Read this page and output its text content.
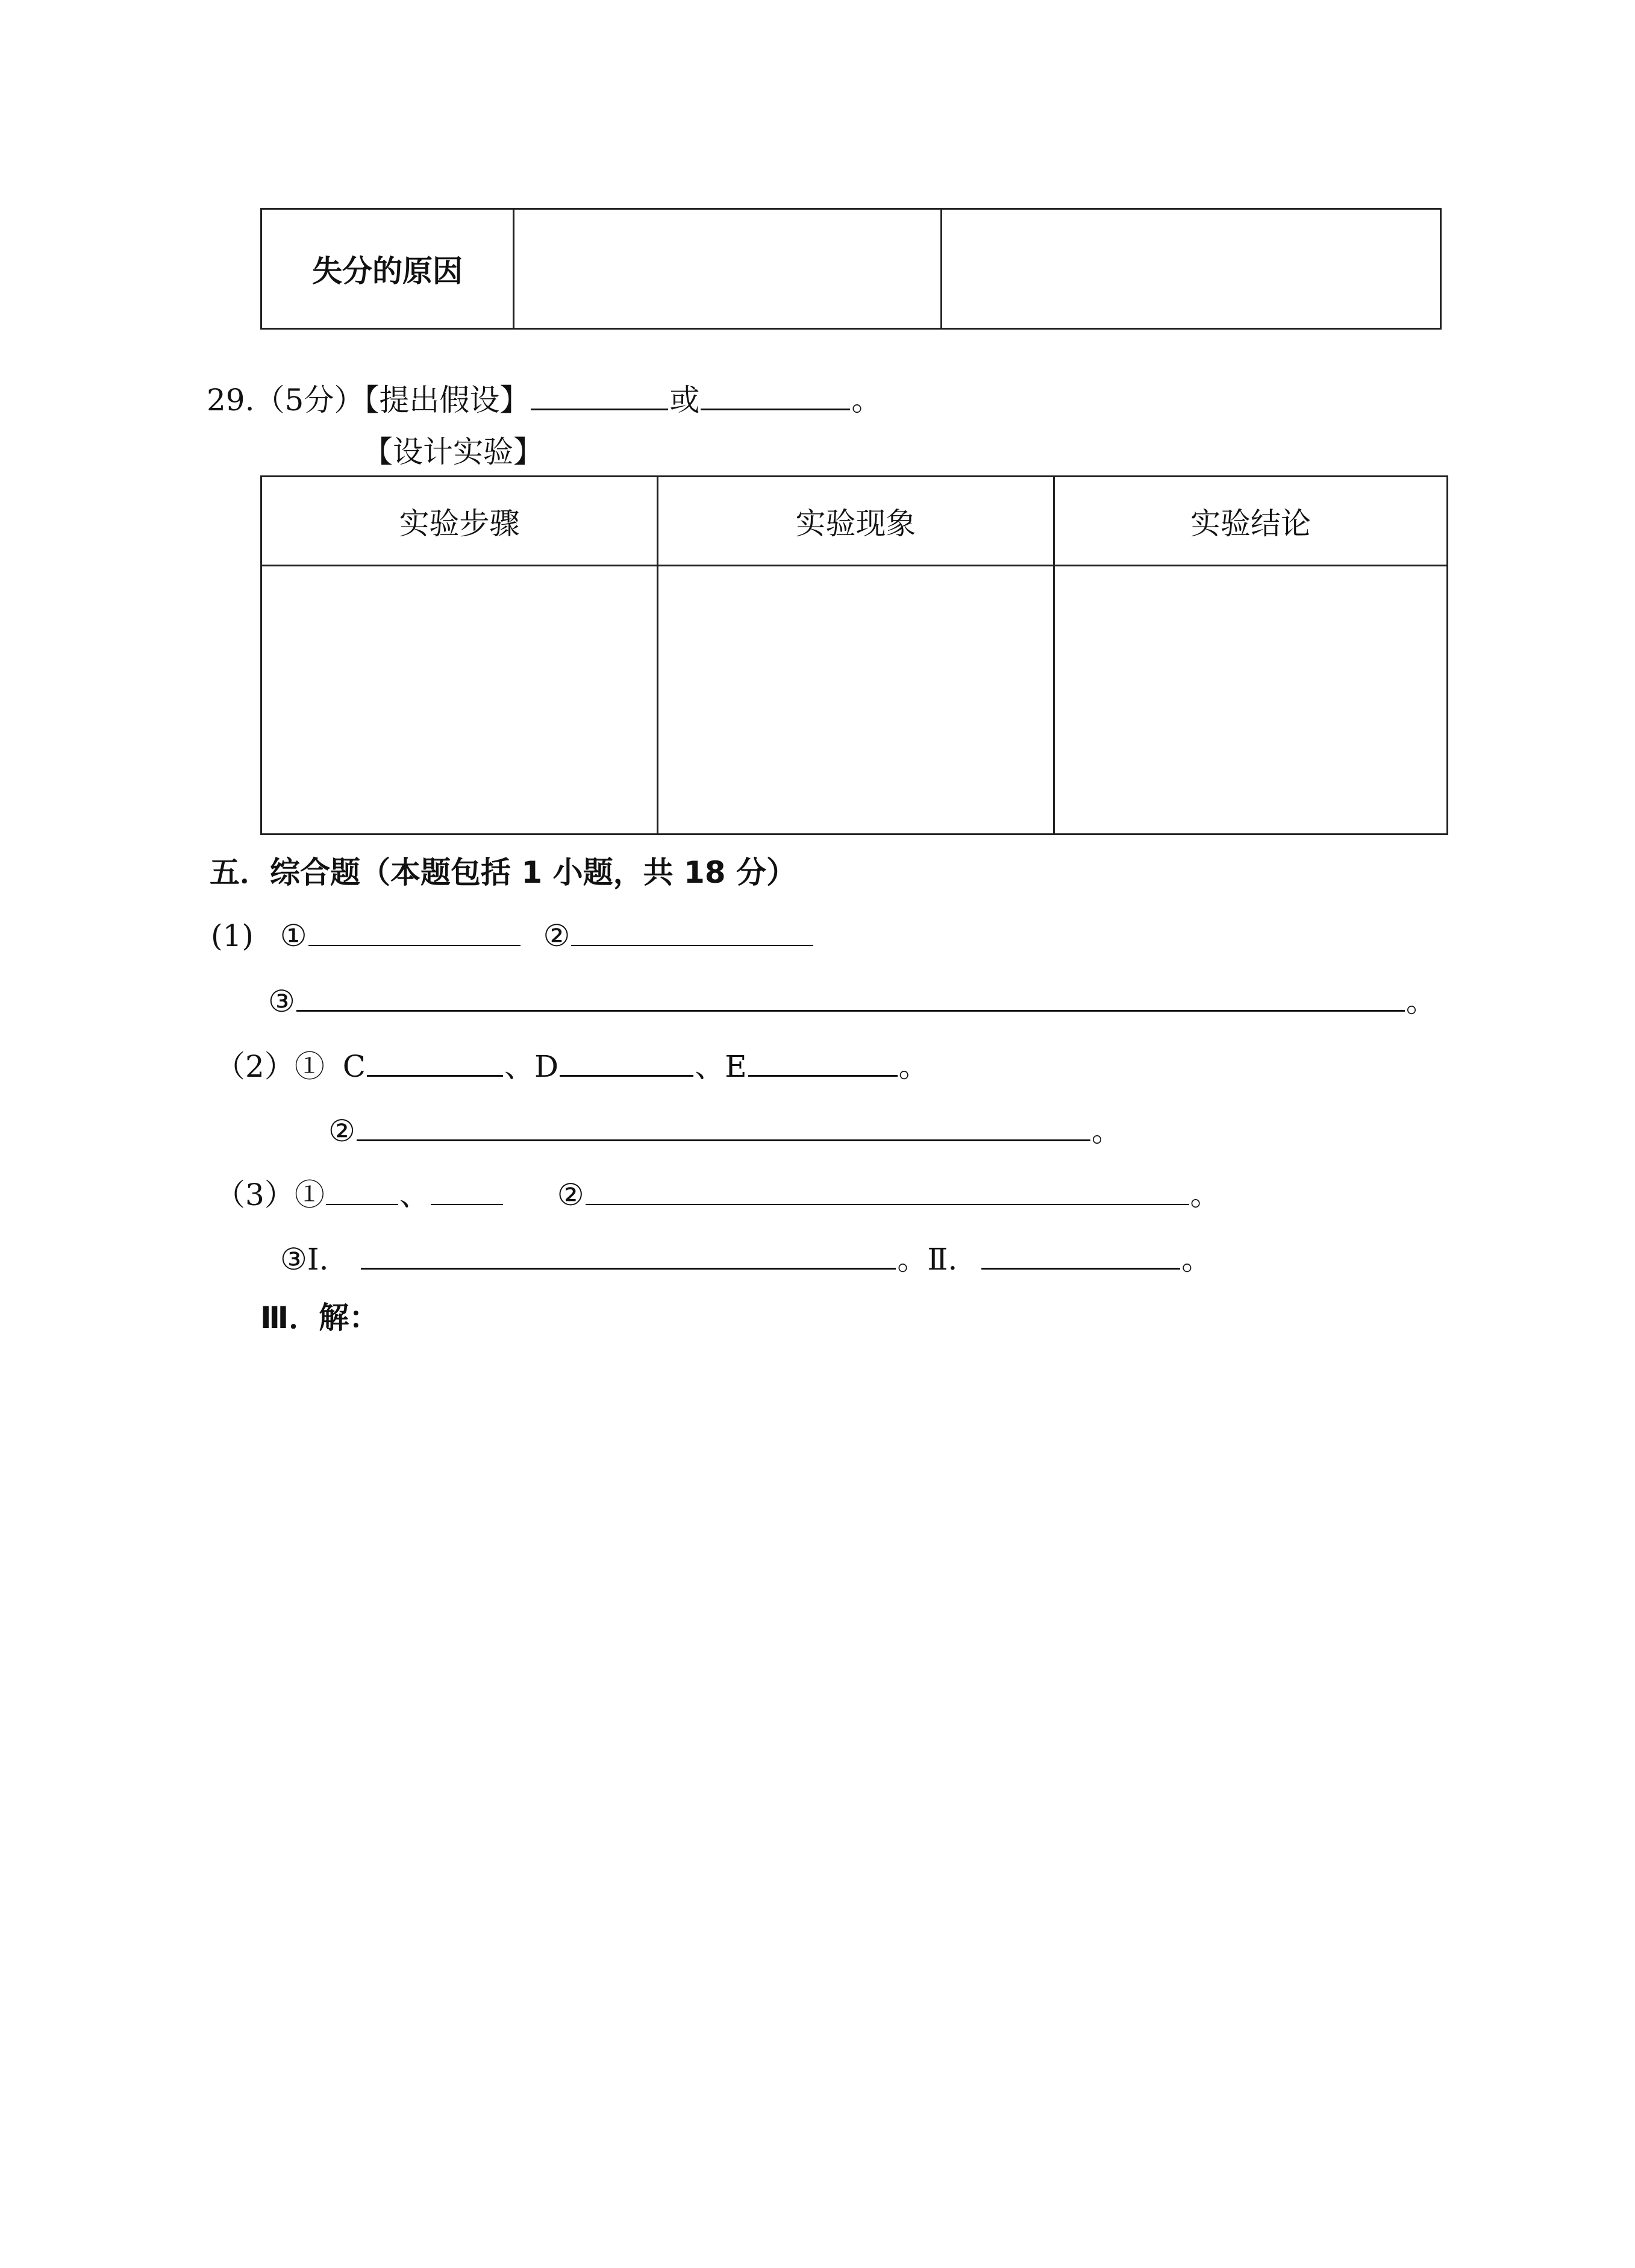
失分的原因		
29.（5分）【提出假设】	或	。
【设计实验】
实验步骤	实验现象	实验结论

五．综合题（本题包括 1 小题，共 18 分）
(1) ①	②
③	。
（2）① C	、D	、E	。
②	。
（3）① 、	②	。
③Ⅰ.	。Ⅱ.	。
Ⅲ．解：
